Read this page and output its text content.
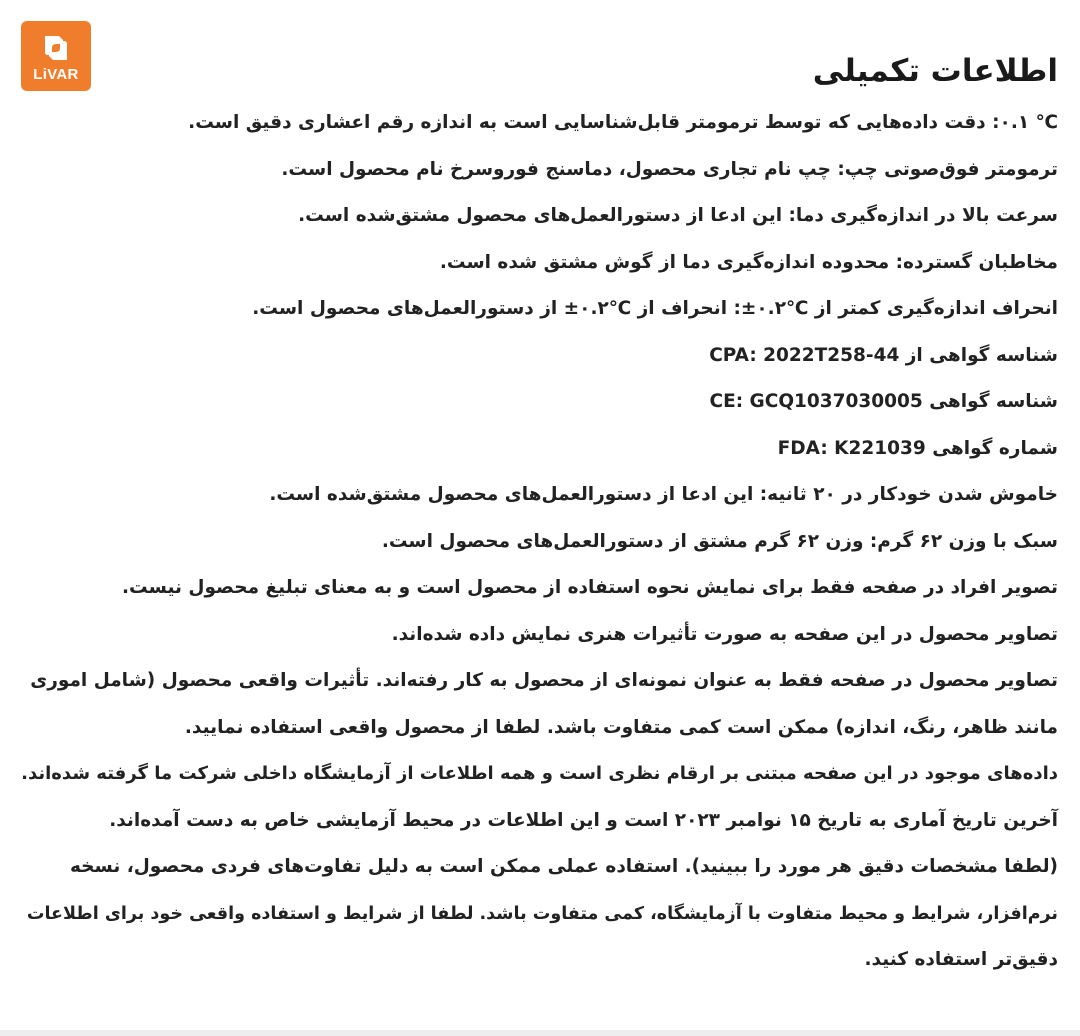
LiVAR	اطلاعات تکمیلی
℃ ۰.۱: دقت داده‌هایی که توسط ترمومتر قابل‌شناسایی است به اندازه رقم اعشاری دقیق است.
ترمومتر فوق‌صوتی چپ: چپ نام تجاری محصول، دماسنج فوروسرخ نام محصول است.
سرعت بالا در اندازه‌گیری دما: این ادعا از دستورالعمل‌های محصول مشتق‌شده است.
مخاطبان گسترده: محدوده اندازه‌گیری دما از گوش مشتق شده است.
انحراف اندازه‌گیری کمتر از ℃۰.۲±: انحراف از ℃۰.۲± از دستورالعمل‌های محصول است.
شناسه گواهی از CPA: 2022T258-44
شناسه گواهی CE: GCQ1037030005
شماره گواهی FDA: K221039
خاموش شدن خودکار در ۲۰ ثانیه: این ادعا از دستورالعمل‌های محصول مشتق‌شده است.
سبک با وزن ۶۲ گرم: وزن ۶۲ گرم مشتق از دستورالعمل‌های محصول است.
تصویر افراد در صفحه فقط برای نمایش نحوه استفاده از محصول است و به معنای تبلیغ محصول نیست.
تصاویر محصول در این صفحه به صورت تأثیرات هنری نمایش داده شده‌اند.
تصاویر محصول در صفحه فقط به عنوان نمونه‌ای از محصول به کار رفته‌اند. تأثیرات واقعی محصول (شامل اموری
مانند ظاهر، رنگ، اندازه) ممکن است کمی متفاوت باشد. لطفا از محصول واقعی استفاده نمایید.
داده‌های موجود در این صفحه مبتنی بر ارقام نظری است و همه اطلاعات از آزمایشگاه داخلی شرکت ما گرفته شده‌اند.
آخرین تاریخ آماری به تاریخ ۱۵ نوامبر ۲۰۲۳ است و این اطلاعات در محیط آزمایشی خاص به دست آمده‌اند.
(لطفا مشخصات دقیق هر مورد را ببینید). استفاده عملی ممکن است به دلیل تفاوت‌های فردی محصول، نسخه
نرم‌افزار، شرایط و محیط متفاوت با آزمایشگاه، کمی متفاوت باشد. لطفا از شرایط و استفاده واقعی خود برای اطلاعات
دقیق‌تر استفاده کنید.
